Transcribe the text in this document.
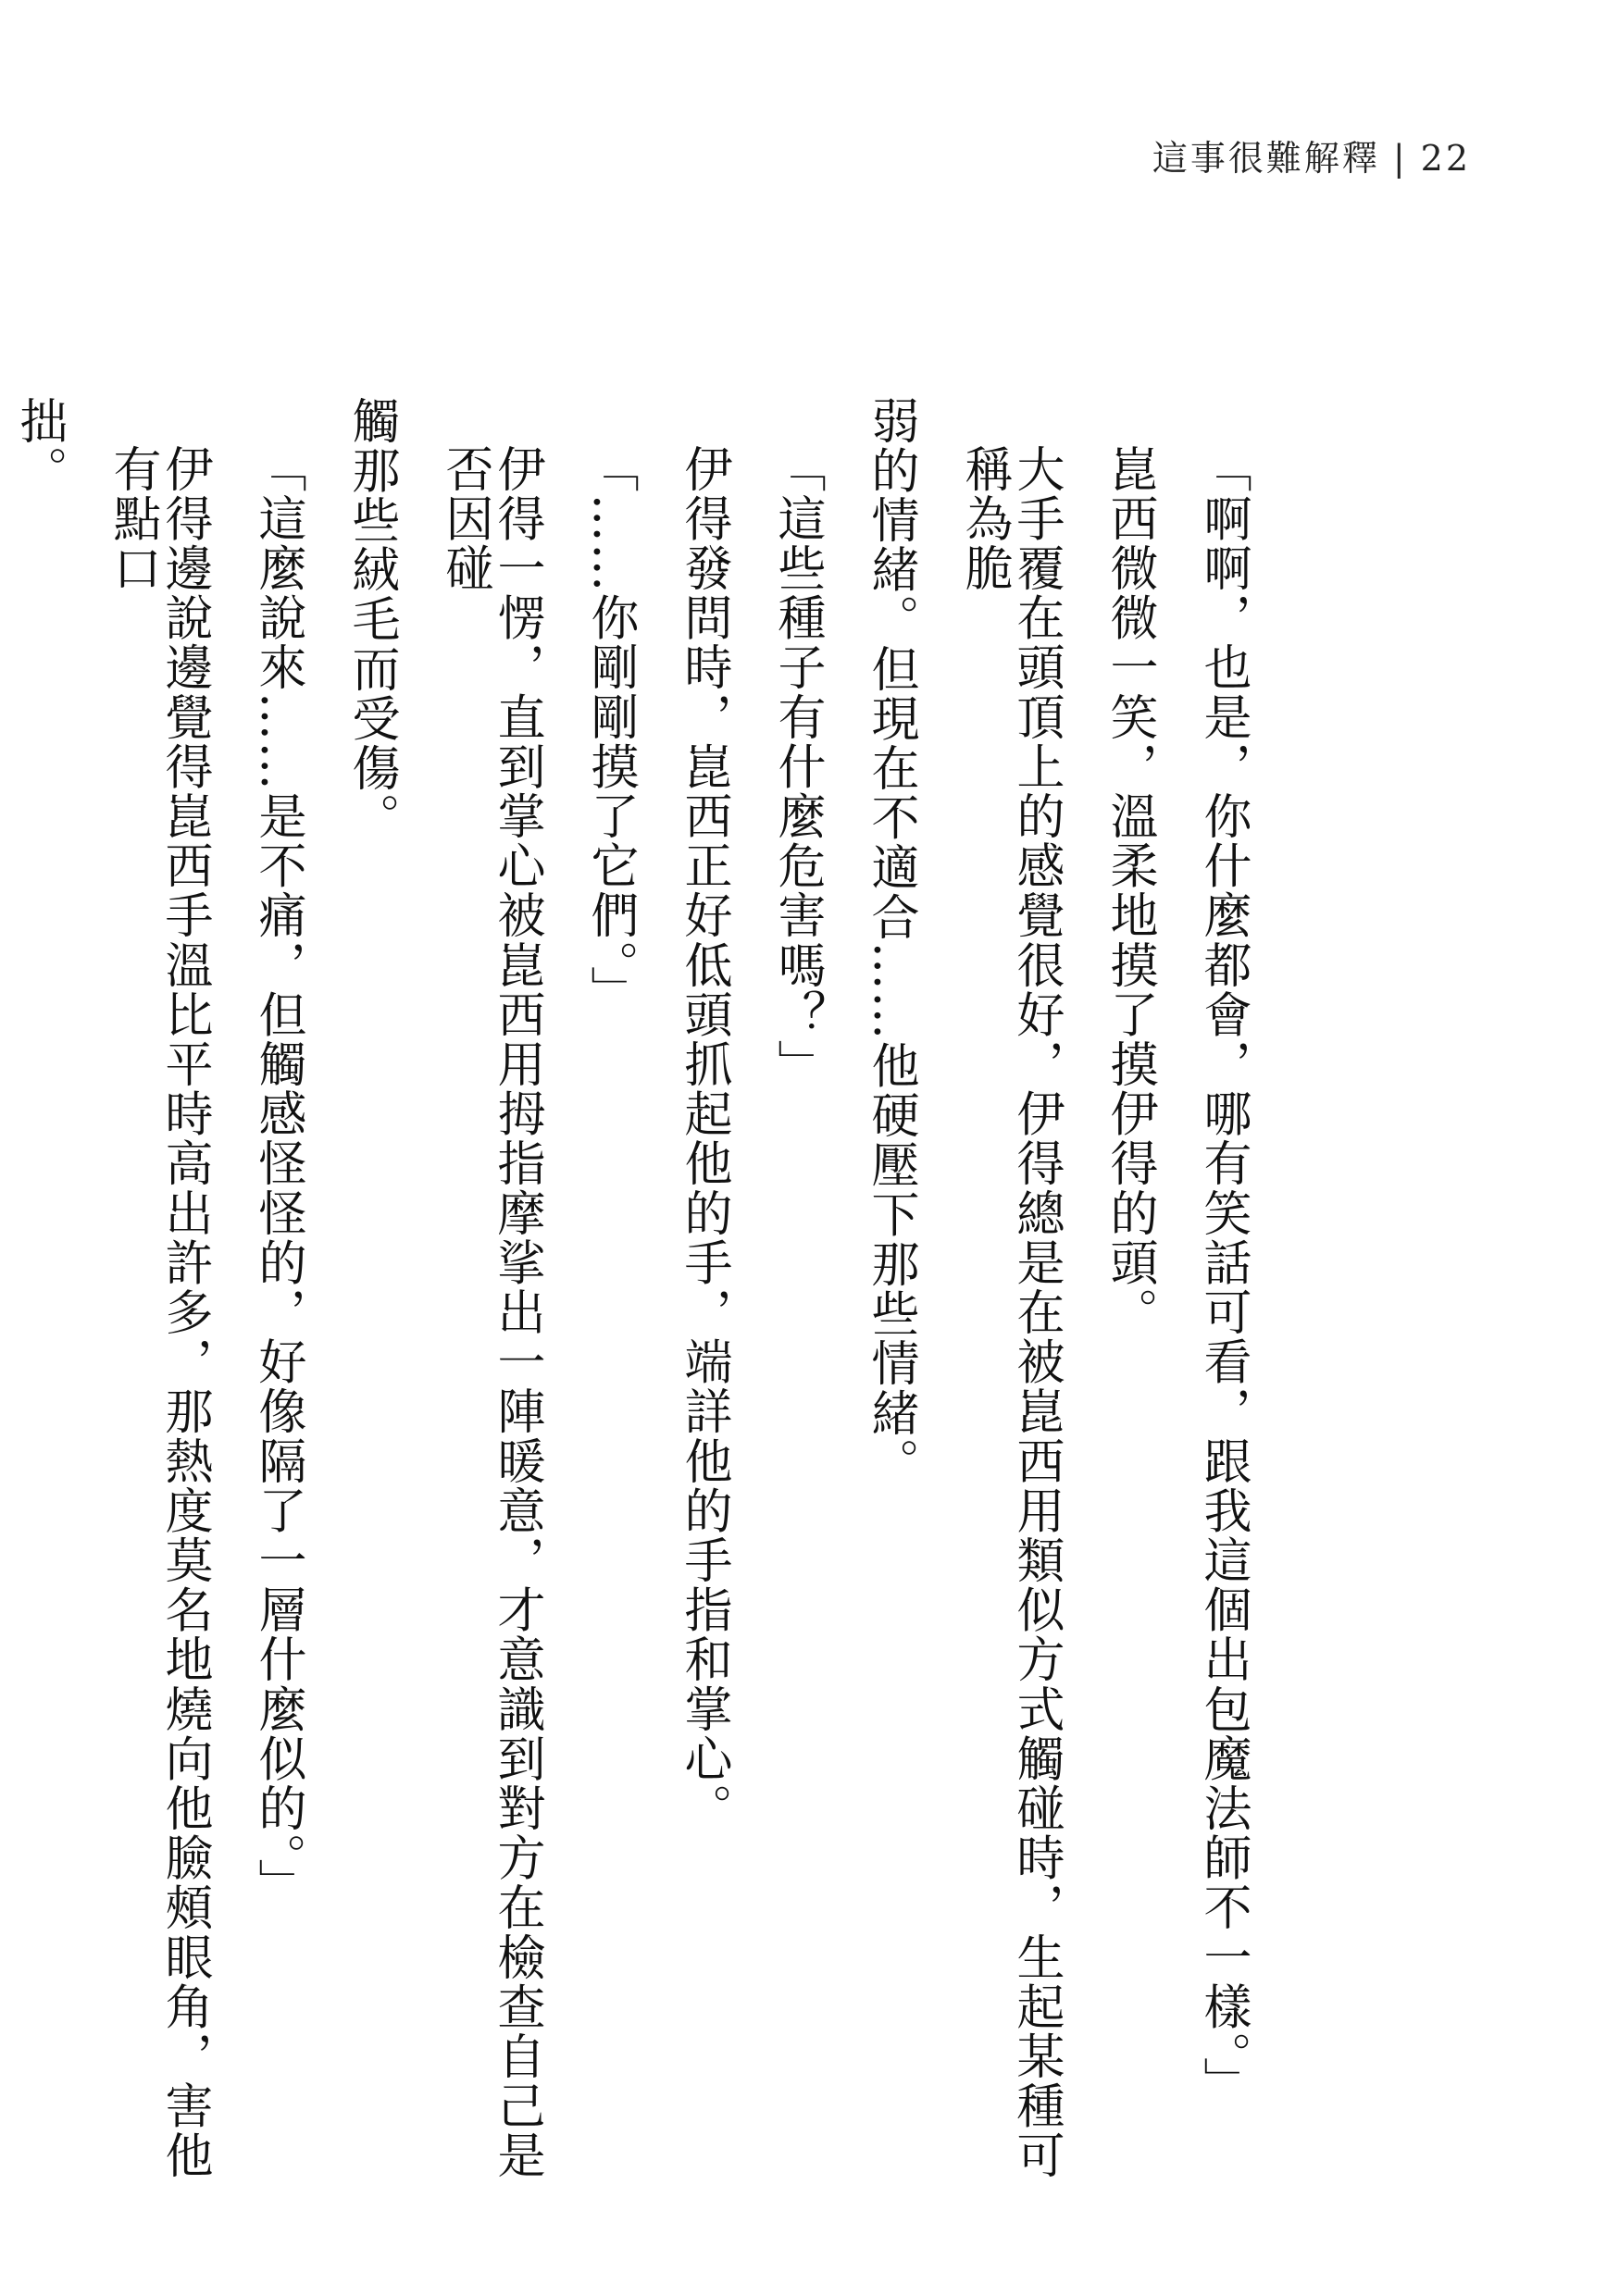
這事很難解釋 | 22
「啊啊，也是，你什麼都會，哪有笑話可看，跟我這個出包魔法師不一樣。」
崑西微微一笑，溫柔地摸了摸伊得的頭。
大手覆在頭頂上的感覺很好，伊得總是在被崑西用類似方式觸碰時，生起某種可稱為脆
弱的情緒。但現在不適合……他硬壓下那些情緒。
「這些種子有什麼危害嗎？」
伊得發問時，崑西正好低頭抓起他的手，端詳他的手指和掌心。
「……你剛剛摸了它們。」
伊得一愣，直到掌心被崑西用拇指摩挲出一陣暖意，才意識到對方在檢查自己是否因碰
觸那些絨毛而受傷。
「這麼說來……是不痛，但觸感怪怪的，好像隔了一層什麼似的。」
伊得邊說邊覺得崑西手溫比平時高出許多，那熱度莫名地燒向他臉頰眼角，害他有點口
拙。
